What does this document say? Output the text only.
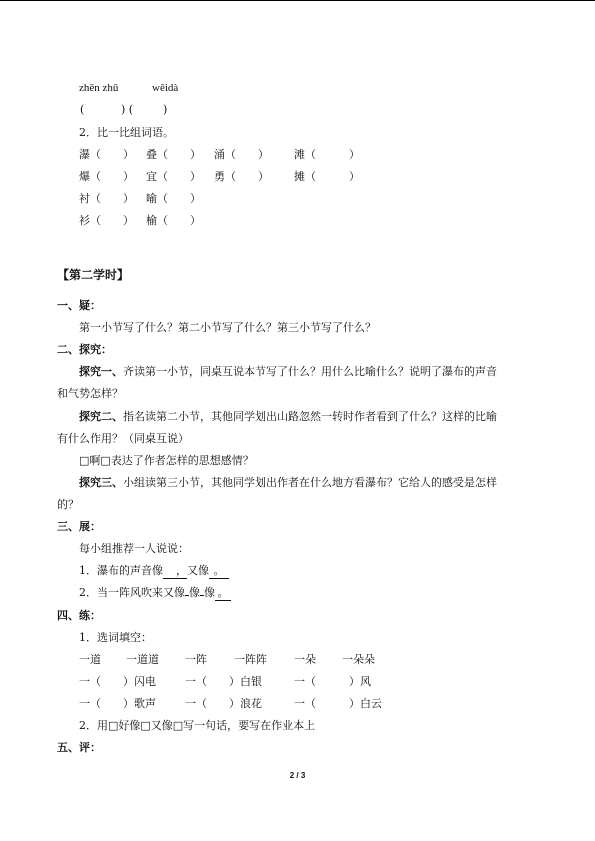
zhēn zhū	wēidà
(	) (	)
2．比一比组词语。
瀑（　　） 叠（　　） 涌（　　） 滩（　　　）
爆（　　） 宜（　　） 勇（　　） 摊（　　　）
衬（　　） 喻（　　）
衫（　　） 榆（　　）
【第二学时】
一、疑：
第一小节写了什么？第二小节写了什么？第三小节写了什么？
二、探究：
探究一、齐读第一小节，同桌互说本节写了什么？用什么比喻什么？说明了瀑布的声音
和气势怎样？
探究二、指名读第二小节，其他同学划出山路忽然一转时作者看到了什么？这样的比喻
有什么作用？（同桌互说）
□啊□表达了作者怎样的思想感情？
探究三、小组读第三小节，其他同学划出作者在什么地方看瀑布？它给人的感受是怎样
的？
三、展：
每小组推荐一人说说：
1．瀑布的声音像 ，又像 。
2．当一阵风吹来又像 像 像 。
四、练：
1．选词填空：
一道 一道道 一阵 一阵阵 一朵 一朵朵
一（　　）闪电	一（　　）白银	一（　　　）风
一（　　）歌声	一（　　）浪花	一（　　　）白云
2．用□好像□又像□写一句话，要写在作业本上
五、评：
2 / 3
